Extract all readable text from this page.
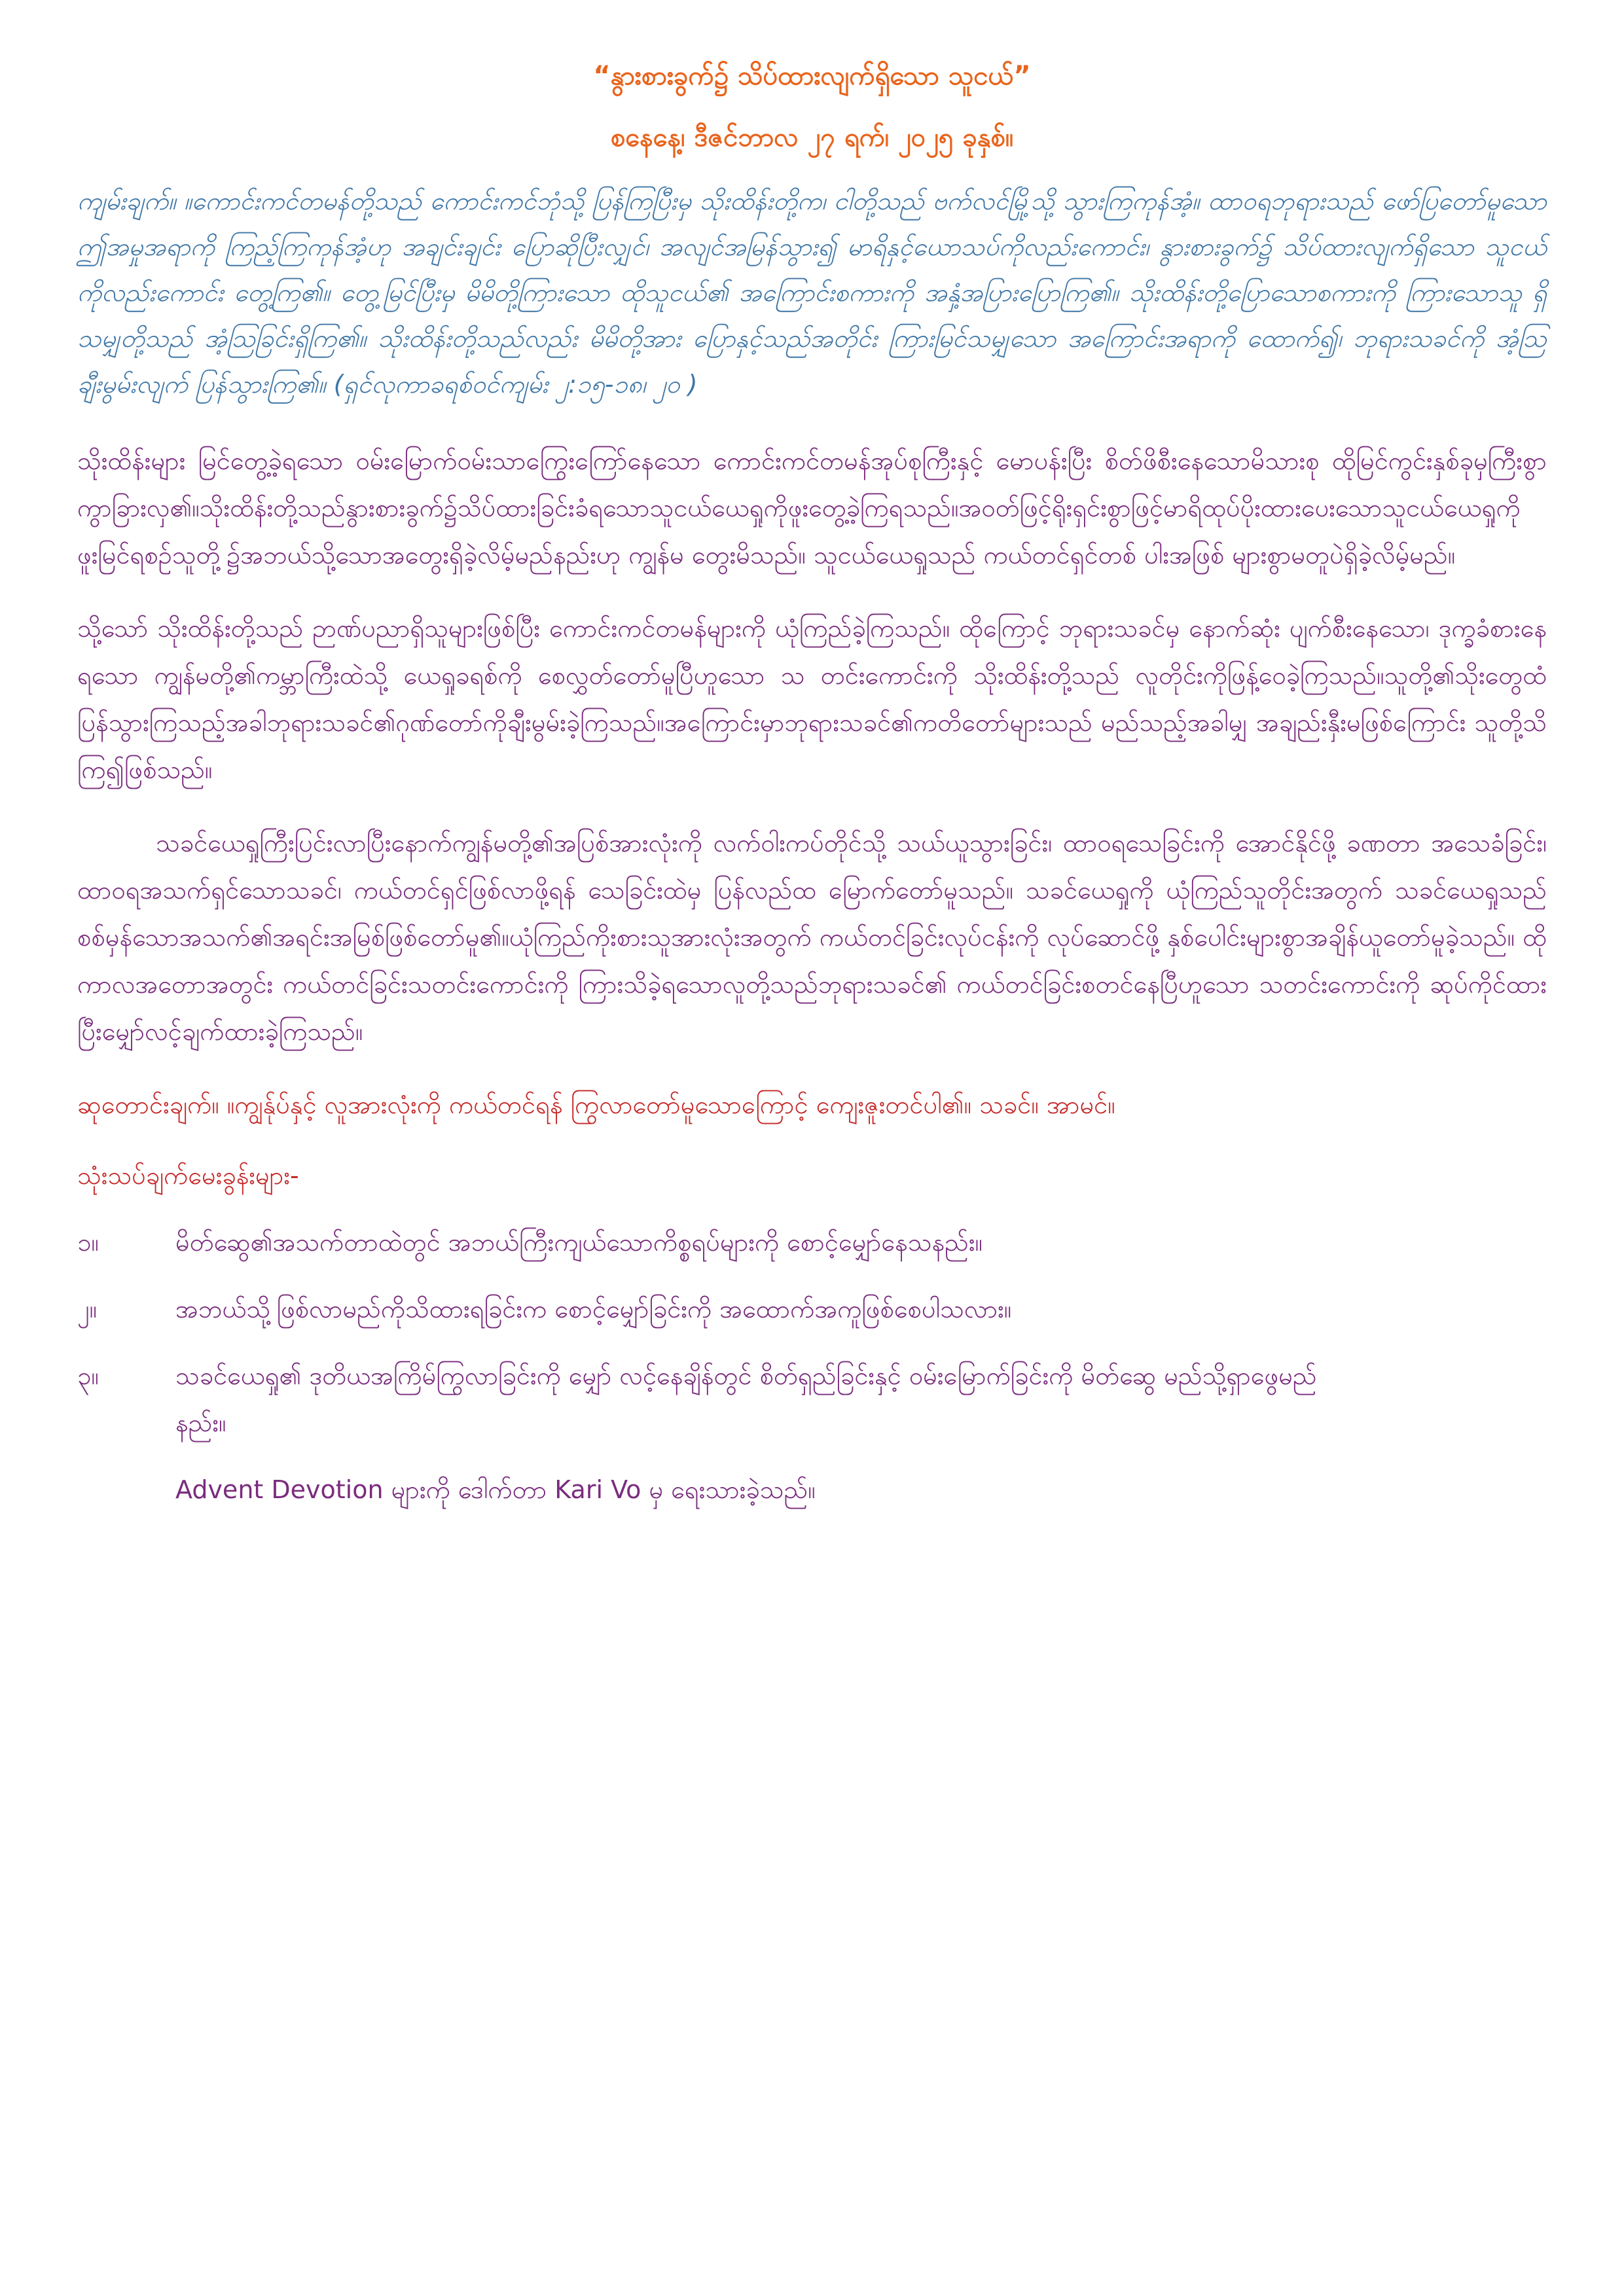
“နွားစားခွက်၌ သိပ်ထားလျက်ရှိသော သူငယ်”
စနေနေ့၊ ဒီဇင်ဘာလ ၂၇ ရက်၊ ၂၀၂၅ ခုနှစ်။

ကျမ်းချက်။ ။ကောင်းကင်တမန်တို့သည် ကောင်းကင်ဘုံသို့ ပြန်ကြပြီးမှ သိုးထိန်းတို့က၊ ငါတို့သည် ဗက်လင်မြို့သို့ သွားကြကုန်အံ့။ ထာဝရဘုရားသည် ဖော်ပြတော်မူသော ဤအမှုအရာကို ကြည့်ကြကုန်အံ့ဟု အချင်းချင်း ပြောဆိုပြီးလျှင်၊ အလျင်အမြန်သွား၍ မာရိနှင့်ယောသပ်ကိုလည်းကောင်း၊ နွားစားခွက်၌ သိပ်ထားလျက်ရှိသော သူငယ်ကိုလည်းကောင်း တွေ့ကြ၏။ တွေ့မြင်ပြီးမှ မိမိတို့ကြားသော ထိုသူငယ်၏ အကြောင်းစကားကို အနှံ့အပြားပြောကြ၏။ သိုးထိန်းတို့ပြောသောစကားကို ကြားသောသူ ရှိသမျှတို့သည် အံ့ဩခြင်းရှိကြ၏။ သိုးထိန်းတို့သည်လည်း မိမိတို့အား ပြောနှင့်သည်အတိုင်း ကြားမြင်သမျှသော အကြောင်းအရာကို ထောက်၍၊ ဘုရားသခင်ကို အံ့ဩချီးမွမ်းလျက် ပြန်သွားကြ၏။ (ရှင်လုကာခရစ်ဝင်ကျမ်း ၂:၁၅-၁၈၊ ၂၀ )

သိုးထိန်းများ မြင်တွေ့ခဲ့ရသော ဝမ်းမြောက်ဝမ်းသာကြွေးကြော်နေသော ကောင်းကင်တမန်အုပ်စုကြီးနှင့် မောပန်းပြီး စိတ်ဖိစီးနေသောမိသားစု ထိုမြင်ကွင်းနှစ်ခုမှကြီးစွာကွာခြားလှ၏။သိုးထိန်းတို့သည်နွားစားခွက်၌သိပ်ထားခြင်းခံရသောသူငယ်ယေရှုကိုဖူးတွေ့ခဲ့ကြရသည်။အဝတ်ဖြင့်ရိုးရှင်းစွာဖြင့်မာရိထုပ်ပိုးထားပေးသောသူငယ်ယေရှုကိုဖူးမြင်ရစဉ်သူတို့၌အဘယ်သို့သောအတွေးရှိခဲ့လိမ့်မည်နည်းဟု ကျွန်မ တွေးမိသည်။ သူငယ်ယေရှုသည် ကယ်တင်ရှင်တစ် ပါးအဖြစ် များစွာမတူပဲရှိခဲ့လိမ့်မည်။

သို့သော် သိုးထိန်းတို့သည် ဉာဏ်ပညာရှိသူများဖြစ်ပြီး ကောင်းကင်တမန်များကို ယုံကြည်ခဲ့ကြသည်။ ထိုကြောင့် ဘုရားသခင်မှ နောက်ဆုံး ပျက်စီးနေသော၊ ဒုက္ခခံစားနေရသော ကျွန်မတို့၏ကမ္ဘာကြီးထဲသို့ ယေရှုခရစ်ကို စေလွှတ်တော်မူပြီဟူသော သ တင်းကောင်းကို သိုးထိန်းတို့သည် လူတိုင်းကိုဖြန့်ဝေခဲ့ကြသည်။သူတို့၏သိုးတွေထံပြန်သွားကြသည့်အခါဘုရားသခင်၏ဂုဏ်တော်ကိုချီးမွမ်းခဲ့ကြသည်။အကြောင်းမှာဘုရားသခင်၏ကတိတော်များသည် မည်သည့်အခါမျှ အချည်းနှီးမဖြစ်ကြောင်း သူတို့သိကြ၍ဖြစ်သည်။

သခင်ယေရှုကြီးပြင်းလာပြီးနောက်ကျွန်မတို့၏အပြစ်အားလုံးကို လက်ဝါးကပ်တိုင်သို့ သယ်ယူသွားခြင်း၊ ထာဝရသေခြင်းကို အောင်နိုင်ဖို့ ခဏတာ အသေခံခြင်း၊ ထာဝရအသက်ရှင်သောသခင်၊ ကယ်တင်ရှင်ဖြစ်လာဖို့ရန် သေခြင်းထဲမှ ပြန်လည်ထ မြောက်တော်မူသည်။ သခင်ယေရှုကို ယုံကြည်သူတိုင်းအတွက် သခင်ယေရှုသည် စစ်မှန်သောအသက်၏အရင်းအမြစ်ဖြစ်တော်မူ၏။ယုံကြည်ကိုးစားသူအားလုံးအတွက် ကယ်တင်ခြင်းလုပ်ငန်းကို လုပ်ဆောင်ဖို့ နှစ်ပေါင်းများစွာအချိန်ယူတော်မူခဲ့သည်။ ထိုကာလအတောအတွင်း ကယ်တင်ခြင်းသတင်းကောင်းကို ကြားသိခဲ့ရသောလူတို့သည်ဘုရားသခင်၏ ကယ်တင်ခြင်းစတင်နေပြီဟူသော သတင်းကောင်းကို ဆုပ်ကိုင်ထားပြီးမျှော်လင့်ချက်ထားခဲ့ကြသည်။

ဆုတောင်းချက်။ ။ကျွန်ုပ်နှင့် လူအားလုံးကို ကယ်တင်ရန် ကြွလာတော်မူသောကြောင့် ကျေးဇူးတင်ပါ၏။ သခင်။ အာမင်။

သုံးသပ်ချက်မေးခွန်းများ-

၁။	မိတ်ဆွေ၏အသက်တာထဲတွင် အဘယ်ကြီးကျယ်သောကိစ္စရပ်များကို စောင့်မျှော်နေသနည်း။
၂။	အဘယ်သို့ဖြစ်လာမည်ကိုသိထားရခြင်းက စောင့်မျှော်ခြင်းကို အထောက်အကူဖြစ်စေပါသလား။
၃။	သခင်ယေရှု၏ ဒုတိယအကြိမ်ကြွလာခြင်းကို မျှော် လင့်နေချိန်တွင် စိတ်ရှည်ခြင်းနှင့် ဝမ်းမြောက်ခြင်းကို မိတ်ဆွေ မည်သို့ရှာဖွေမည်နည်း။

Advent Devotion များကို ဒေါက်တာ Kari Vo မှ ရေးသားခဲ့သည်။
